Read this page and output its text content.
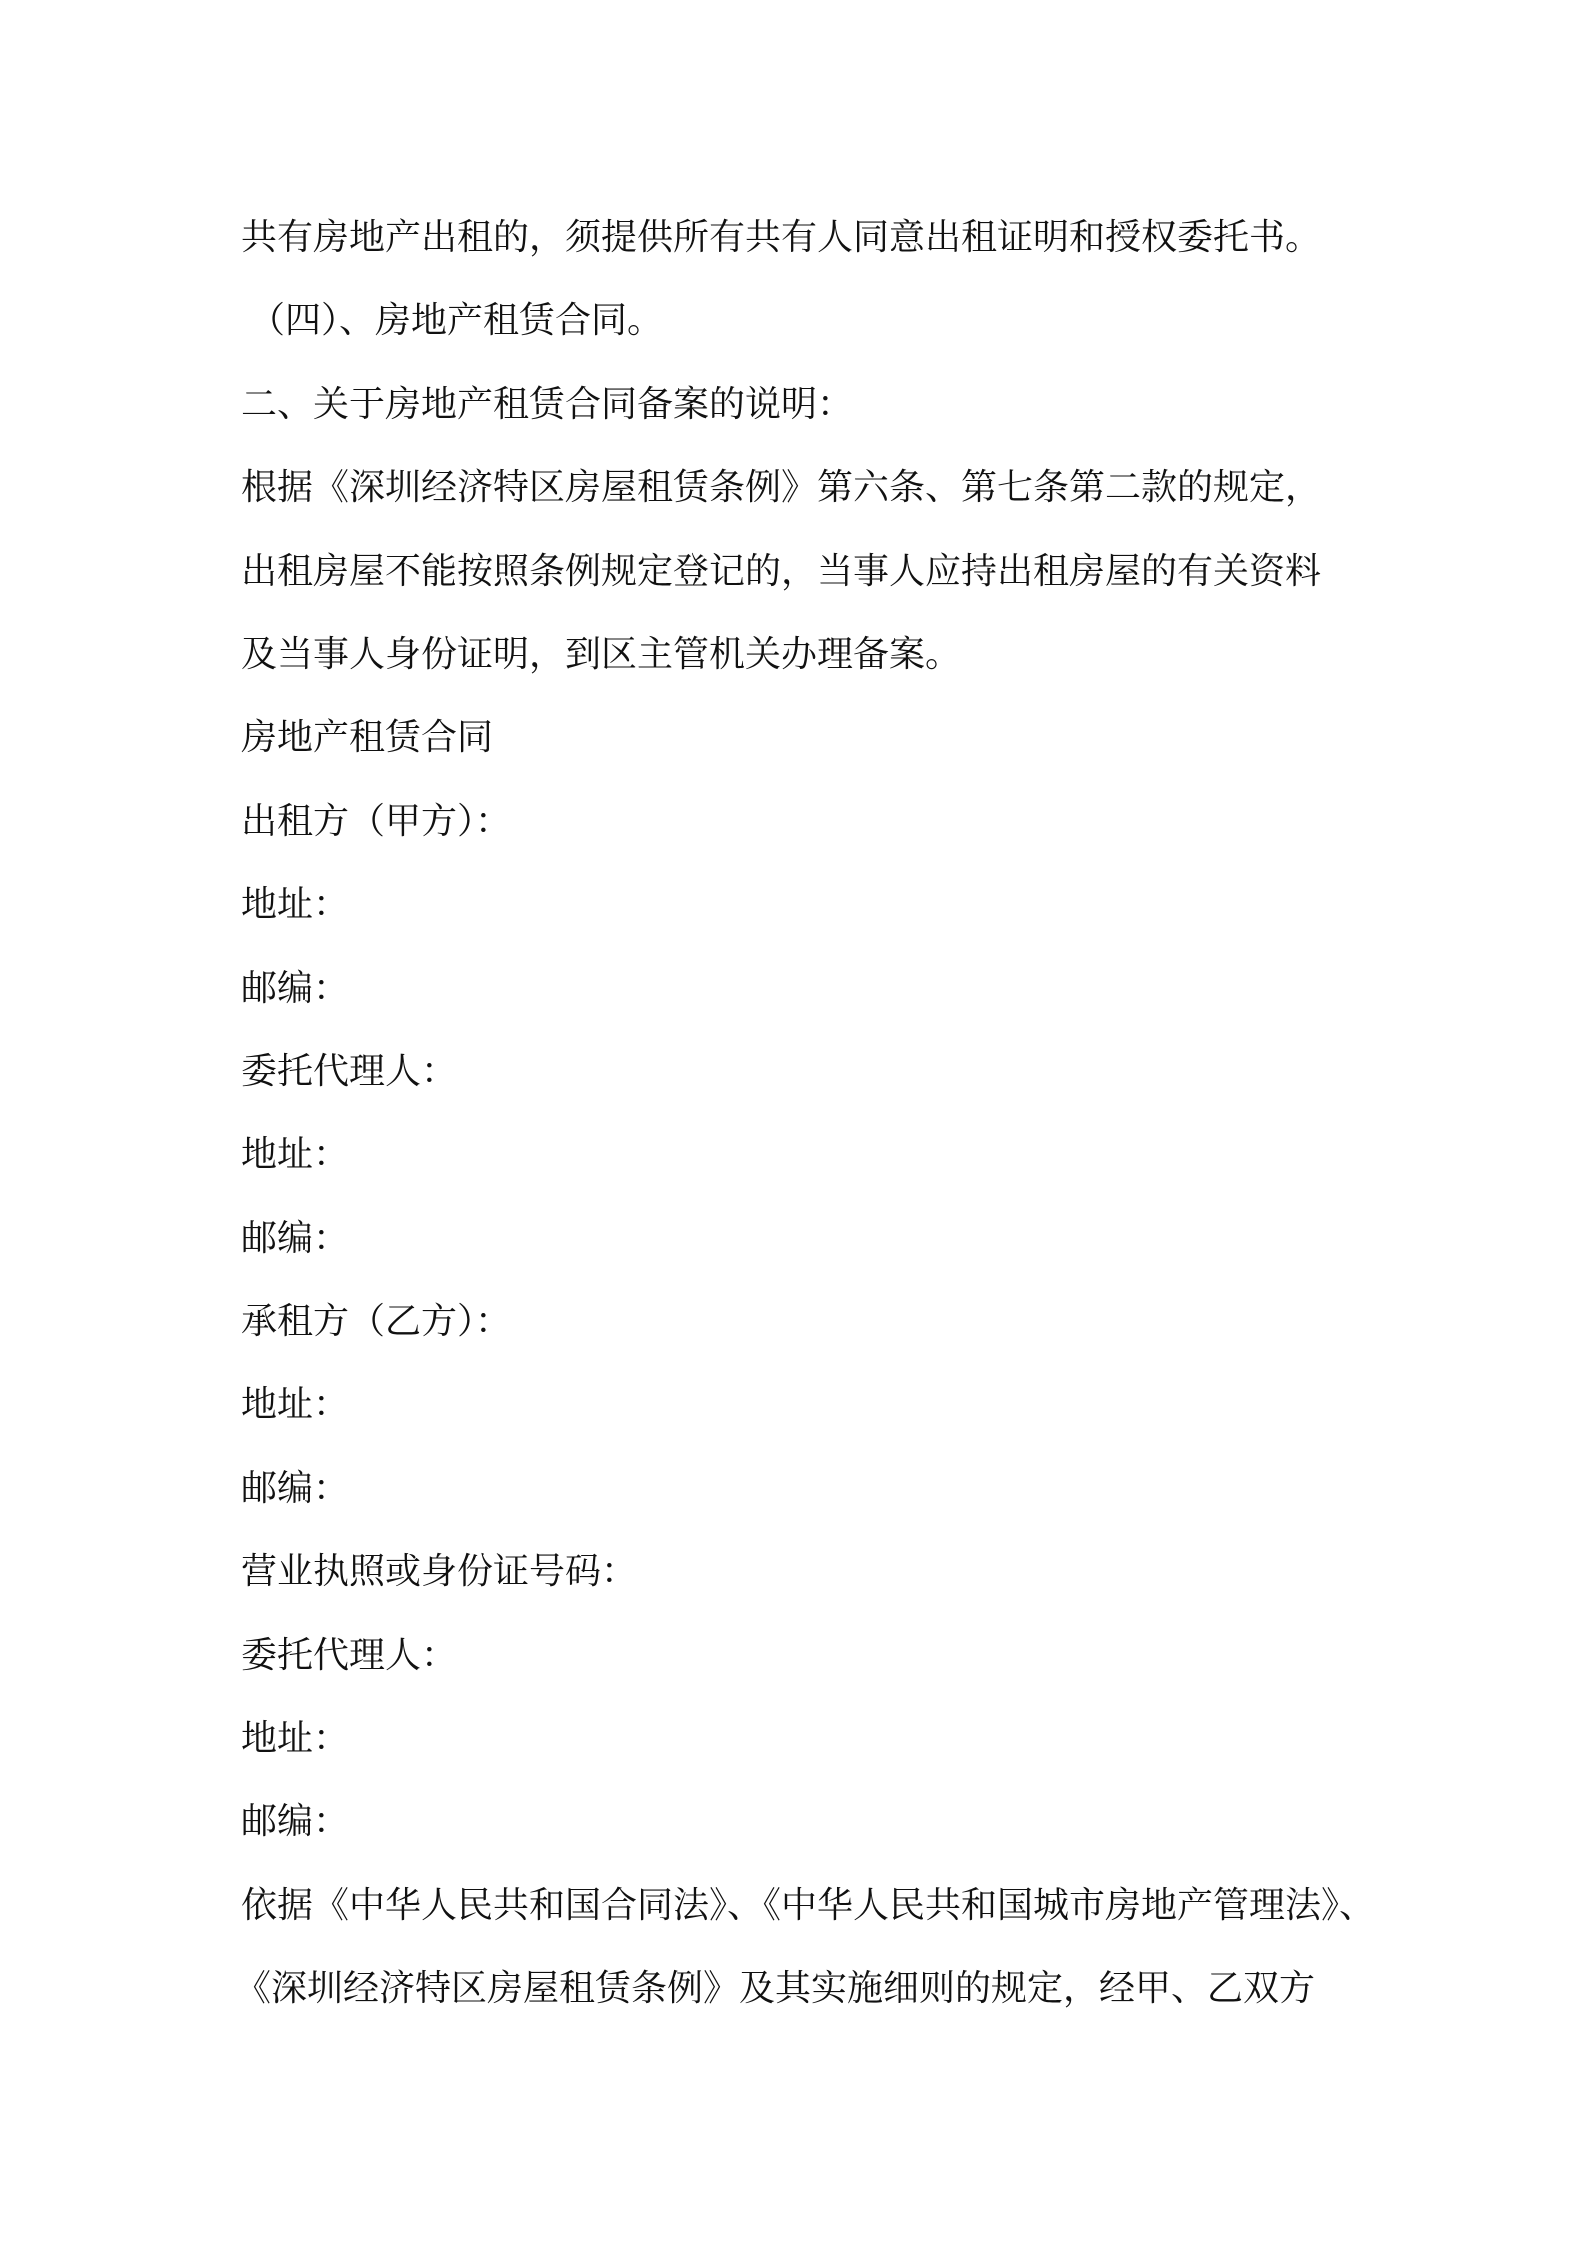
共有房地产出租的，须提供所有共有人同意出租证明和授权委托书。
（四）、房地产租赁合同。
二、关于房地产租赁合同备案的说明：
根据《深圳经济特区房屋租赁条例》第六条、第七条第二款的规定，
出租房屋不能按照条例规定登记的，当事人应持出租房屋的有关资料
及当事人身份证明，到区主管机关办理备案。
房地产租赁合同
出租方（甲方）：
地址：
邮编：
委托代理人：
地址：
邮编：
承租方（乙方）：
地址：
邮编：
营业执照或身份证号码：
委托代理人：
地址：
邮编：
依据《中华人民共和国合同法》、《中华人民共和国城市房地产管理法》、
《深圳经济特区房屋租赁条例》及其实施细则的规定，经甲、乙双方
